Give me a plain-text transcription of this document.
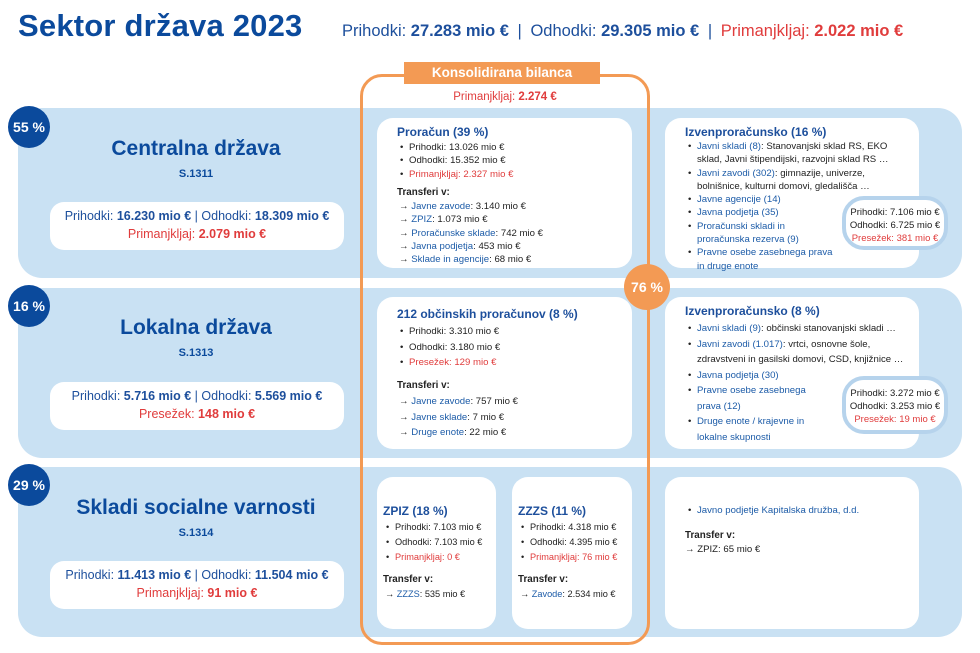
Sektor država 2023 Prihodki: 27.283 mio € | Odhodki: 29.305 mio € | Primanjkljaj: 2.022 mio €
55 %
16 %
29 %
Centralna država
S.1311
Lokalna država
S.1313
Skladi socialne varnosti
S.1314
Prihodki: 16.230 mio € | Odhodki: 18.309 mio €
Primanjkljaj: 2.079 mio €
Prihodki: 5.716 mio € | Odhodki: 5.569 mio €
Presežek: 148 mio €
Prihodki: 11.413 mio € | Odhodki: 11.504 mio €
Primanjkljaj: 91 mio €
Proračun (39 %)
• Prihodki: 13.026 mio €
• Odhodki: 15.352 mio €
• Primanjkljaj: 2.327 mio €
Transferi v:
→ Javne zavode: 3.140 mio €
→ ZPIZ: 1.073 mio €
→ Proračunske sklade: 742 mio €
→ Javna podjetja: 453 mio €
→ Sklade in agencije: 68 mio €
Izvenproračunsko (16 %)
• Javni skladi (8): Stanovanjski sklad RS, EKO
sklad, Javni štipendijski, razvojni sklad RS …
• Javni zavodi (302): gimnazije, univerze,
bolnišnice, kulturni domovi, gledališča …
• Javne agencije (14)
• Javna podjetja (35)
• Proračunski skladi in
proračunska rezerva (9)
• Pravne osebe zasebnega prava
in druge enote
Prihodki: 7.106 mio €
Odhodki: 6.725 mio €
Presežek: 381 mio €
212 občinskih proračunov (8 %)
• Prihodki: 3.310 mio €
• Odhodki: 3.180 mio €
• Presežek: 129 mio €
Transferi v:
→ Javne zavode: 757 mio €
→ Javne sklade: 7 mio €
→ Druge enote: 22 mio €
Izvenproračunsko (8 %)
• Javni skladi (9): občinski stanovanjski skladi …
• Javni zavodi (1.017): vrtci, osnovne šole,
zdravstveni in gasilski domovi, CSD, knjižnice …
• Javna podjetja (30)
• Pravne osebe zasebnega
prava (12)
• Druge enote / krajevne in
lokalne skupnosti
Prihodki: 3.272 mio €
Odhodki: 3.253 mio €
Presežek: 19 mio €
ZPIZ (18 %)
• Prihodki: 7.103 mio €
• Odhodki: 7.103 mio €
• Primanjkljaj: 0 €
Transfer v:
→ ZZZS: 535 mio €
ZZZS (11 %)
• Prihodki: 4.318 mio €
• Odhodki: 4.395 mio €
• Primanjkljaj: 76 mio €
Transfer v:
→ Zavode: 2.534 mio €
• Javno podjetje Kapitalska družba, d.d.
Transfer v:
→ ZPIZ: 65 mio €
Konsolidirana bilanca
Primanjkljaj: 2.274 €
76 %
